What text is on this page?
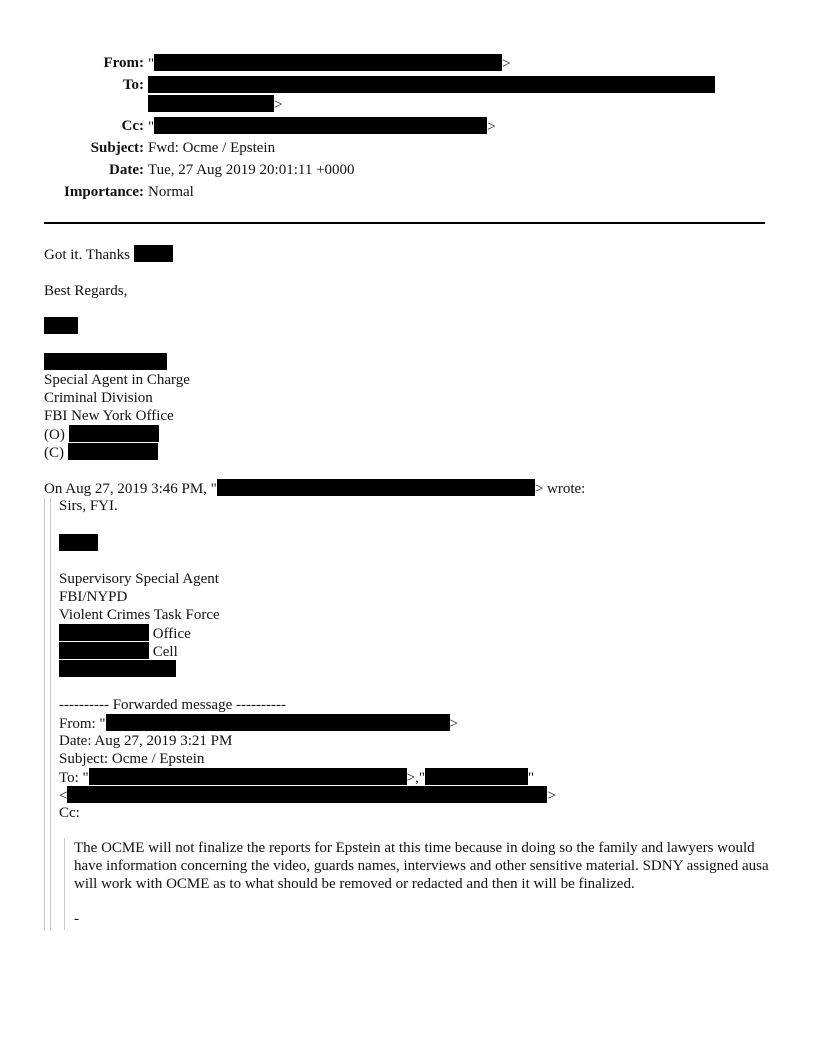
From: "	>
To:
>
Cc: "	>
Subject: Fwd: Ocme / Epstein
Date: Tue, 27 Aug 2019 20:01:11 +0000
Importance: Normal
Got it. Thanks
Best Regards,
Special Agent in Charge
Criminal Division
FBI New York Office
(O)
(C)
On Aug 27, 2019 3:46 PM, "	> wrote:
Sirs, FYI.
Supervisory Special Agent
FBI/NYPD
Violent Crimes Task Force
Office
Cell
---------- Forwarded message ----------
From: "	>
Date: Aug 27, 2019 3:21 PM
Subject: Ocme / Epstein
To: "	>,"	"
<	>
Cc:
The OCME will not finalize the reports for Epstein at this time because in doing so the family and lawyers would have information concerning the video, guards names, interviews and other sensitive material. SDNY assigned ausa will work with OCME as to what should be removed or redacted and then it will be finalized.
-
